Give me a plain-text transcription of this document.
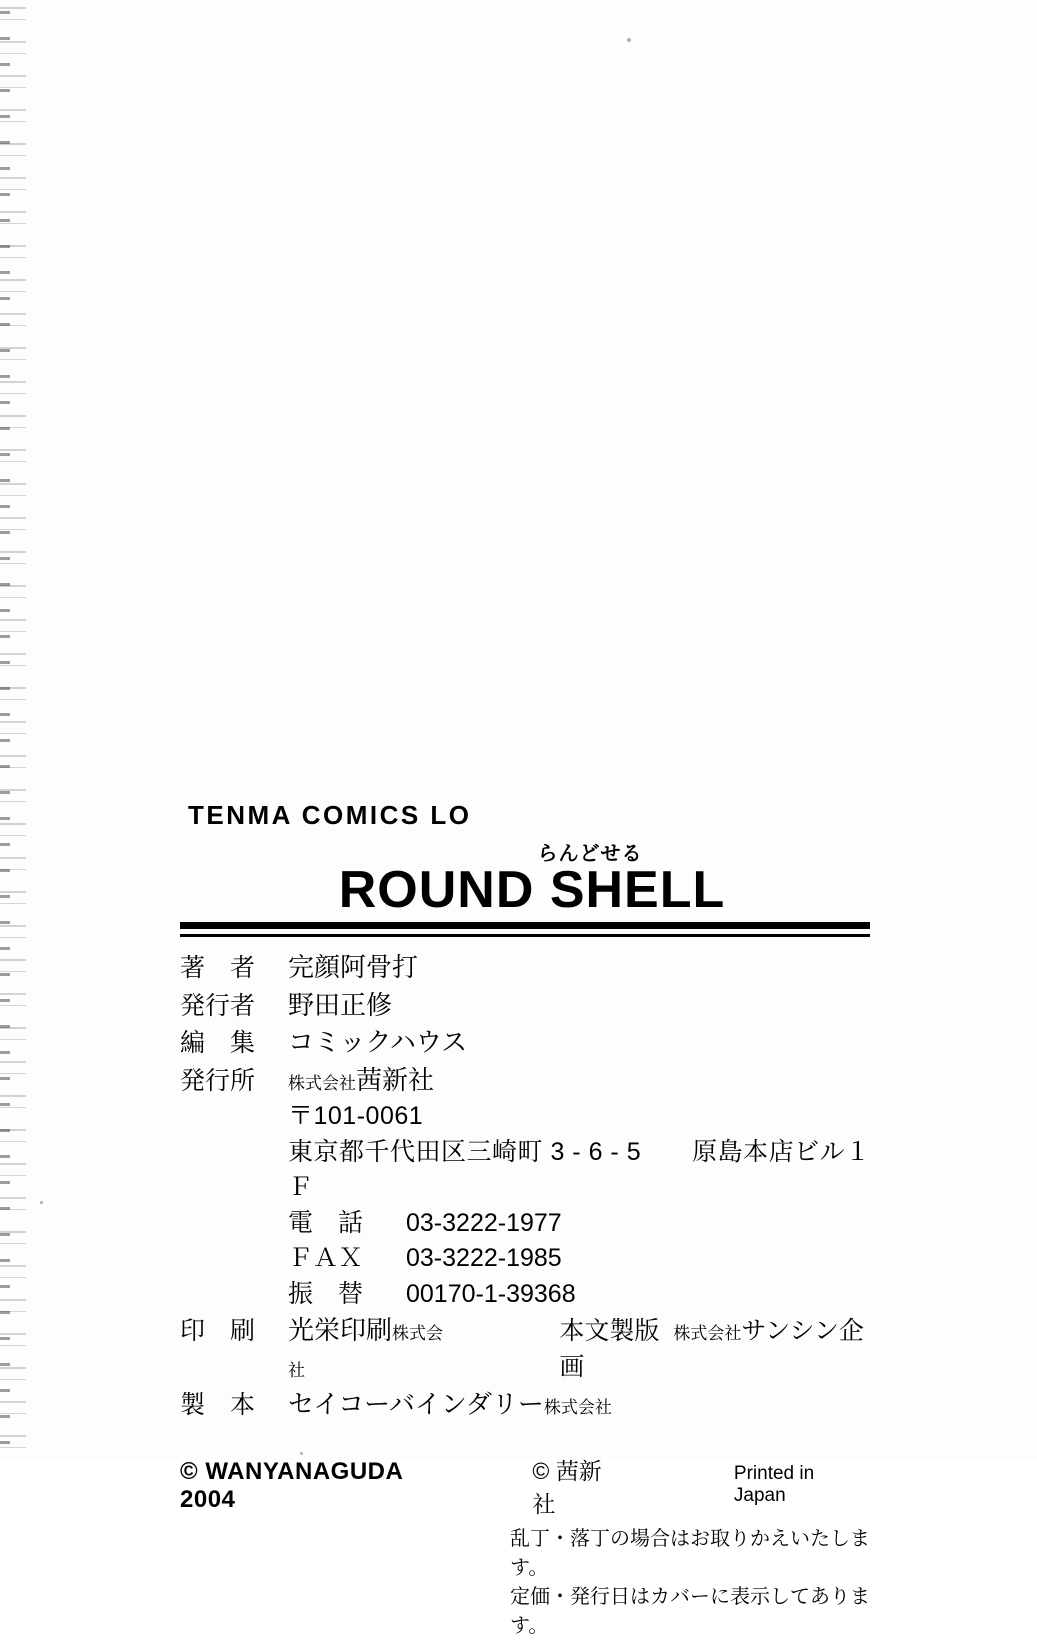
TENMA COMICS LO
らんどせる
ROUND SHELL
著　者	完顔阿骨打
発行者	野田正修
編　集	コミックハウス
発行所	株式会社茜新社
〒101-0061
東京都千代田区三崎町 3 - 6 - 5　　原島本店ビル１Ｆ
電　話	03-3222-1977
ＦＡＸ	03-3222-1985
振　替	00170-1-39368
印　刷	光栄印刷株式会社
本文製版 株式会社サンシン企画
製　本	セイコーバインダリー株式会社
© WANYANAGUDA 2004
© 茜新社
Printed in Japan
乱丁・落丁の場合はお取りかえいたします。
定価・発行日はカバーに表示してあります。
